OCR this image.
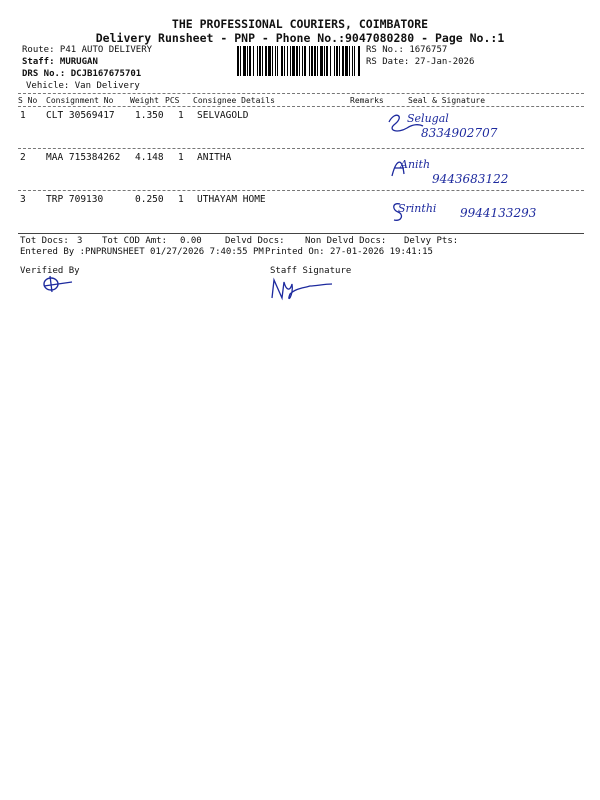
THE PROFESSIONAL COURIERS, COIMBATORE
Delivery Runsheet - PNP - Phone No.:9047080280 - Page No.:1
Route: P41 AUTO DELIVERY
Staff: MURUGAN
DRS No.: DCJB167675701
Vehicle: Van Delivery
RS No.: 1676757
RS Date: 27-Jan-2026
S No Consignment No Weight PCS Consignee Details	Remarks	Seal & Signature
1 CLT 30569417 1.350 1 SELVAGOLD	Selugal
8334902707
2 MAA 715384262 4.148 1 ANITHA
Anith
9443683122
3 TRP 709130	0.250 1 UTHAYAM HOME
Srinthi 9944133293
Tot Docs: 3 Tot COD Amt: 0.00	Delvd Docs: Non Delvd Docs: Delvy Pts:
Entered By :PNPRUNSHEET 01/27/2026 7:40:55 PM Printed On: 27-01-2026 19:41:15
Verified By	Staff Signature
